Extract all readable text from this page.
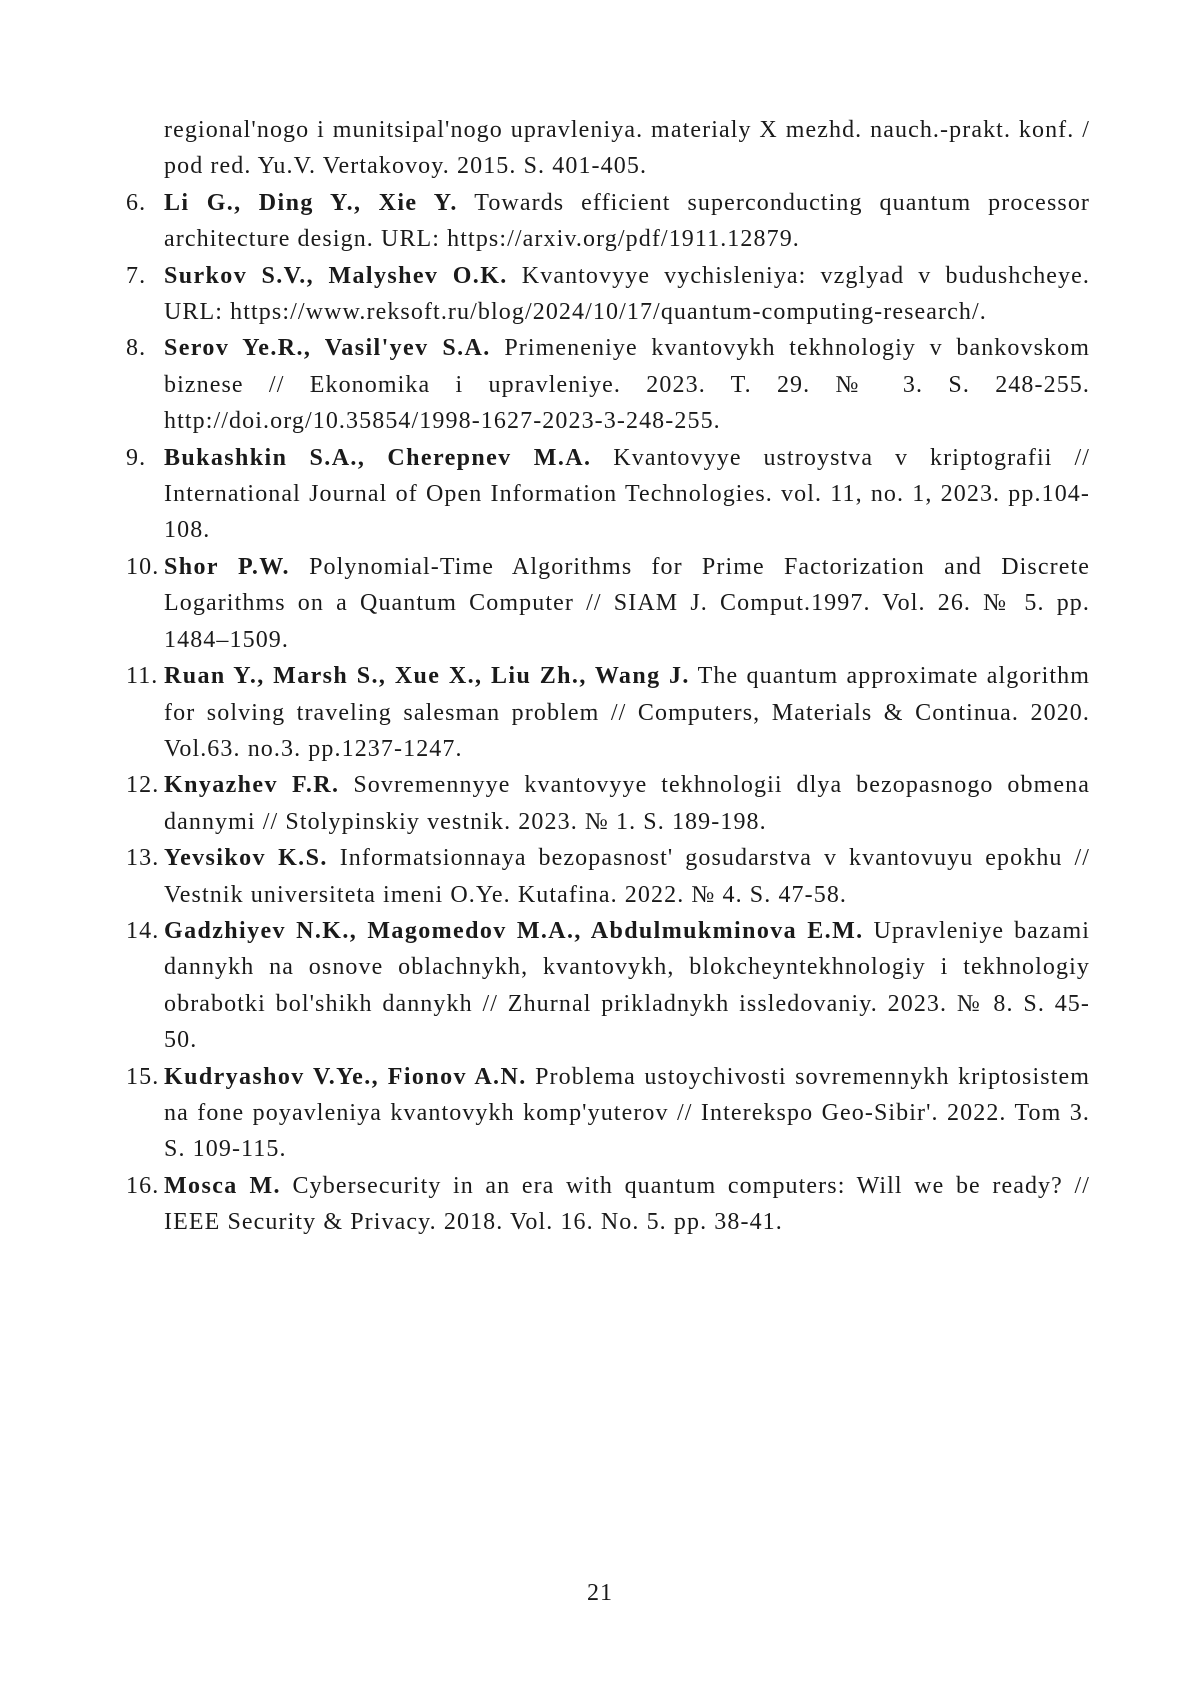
regional'nogo i munitsipal'nogo upravleniya. materialy X mezhd. nauch.-prakt. konf. / pod red. Yu.V. Vertakovoy. 2015. S. 401-405.
6. Li G., Ding Y., Xie Y. Towards efficient superconducting quantum processor architecture design. URL: https://arxiv.org/pdf/1911.12879.
7. Surkov S.V., Malyshev O.K. Kvantovyye vychisleniya: vzglyad v budushcheye. URL: https://www.reksoft.ru/blog/2024/10/17/quantum-computing-research/.
8. Serov Ye.R., Vasil'yev S.A. Primeneniye kvantovykh tekhnologiy v bankovskom biznese // Ekonomika i upravleniye. 2023. T. 29. № 3. S. 248-255. http://doi.org/10.35854/1998-1627-2023-3-248-255.
9. Bukashkin S.A., Cherepnev M.A. Kvantovyye ustroystva v kriptografii // International Journal of Open Information Technologies. vol. 11, no. 1, 2023. pp.104-108.
10. Shor P.W. Polynomial-Time Algorithms for Prime Factorization and Discrete Logarithms on a Quantum Computer // SIAM J. Comput.1997. Vol. 26. № 5. pp. 1484–1509.
11. Ruan Y., Marsh S., Xue X., Liu Zh., Wang J. The quantum approximate algorithm for solving traveling salesman problem // Computers, Materials & Continua. 2020. Vol.63. no.3. pp.1237-1247.
12. Knyazhev F.R. Sovremennyye kvantovyye tekhnologii dlya bezopasnogo obmena dannymi // Stolypinskiy vestnik. 2023. № 1. S. 189-198.
13. Yevsikov K.S. Informatsionnaya bezopasnost' gosudarstva v kvantovuyu epokhu // Vestnik universiteta imeni O.Ye. Kutafina. 2022. № 4. S. 47-58.
14. Gadzhiyev N.K., Magomedov M.A., Abdulmukminova E.M. Upravleniye bazami dannykh na osnove oblachnykh, kvantovykh, blokcheyntekhnologiy i tekhnologiy obrabotki bol'shikh dannykh // Zhurnal prikladnykh issledovaniy. 2023. № 8. S. 45-50.
15. Kudryashov V.Ye., Fionov A.N. Problema ustoychivosti sovremennykh kriptosistem na fone poyavleniya kvantovykh komp'yuterov // Interekspo Geo-Sibir'. 2022. Tom 3. S. 109-115.
16. Mosca M. Cybersecurity in an era with quantum computers: Will we be ready? // IEEE Security & Privacy. 2018. Vol. 16. No. 5. pp. 38-41.
21
